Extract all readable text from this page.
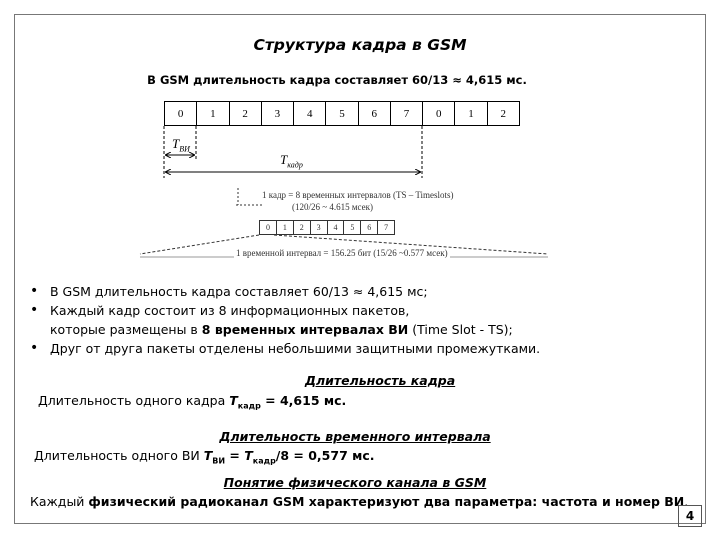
Структура кадра в GSM
В GSM длительность кадра составляет 60/13 ≈ 4,615 мс.
0	1	2	3	4	5	6	7	0	1	2
$T_{ВИ}$
$T_{кадр}$
1 кадр = 8 временных интервалов (TS – Timeslots)
(120/26 ~ 4.615 мсек)
0	1	2	3	4	5	6	7
1 временной интервал = 156.25 бит (15/26 ~0.577 мсек)
• В GSM длительность кадра составляет 60/13 ≈ 4,615 мс;
• Каждый кадр состоит из 8 информационных пакетов,
которые размещены в 8 временных интервалах ВИ (Time Slot - TS);
• Друг от друга пакеты отделены небольшими защитными промежутками.
Длительность кадра
Длительность одного кадра $T_{кадр} = 4,615$ мс.
Длительность временного интервала
Длительность одного ВИ $T_{ВИ} = T_{кадр}/8 = 0,577$ мс.
Понятие физического канала в GSM
Каждый физический радиоканал GSM характеризуют два параметра: частота и номер ВИ.
4
